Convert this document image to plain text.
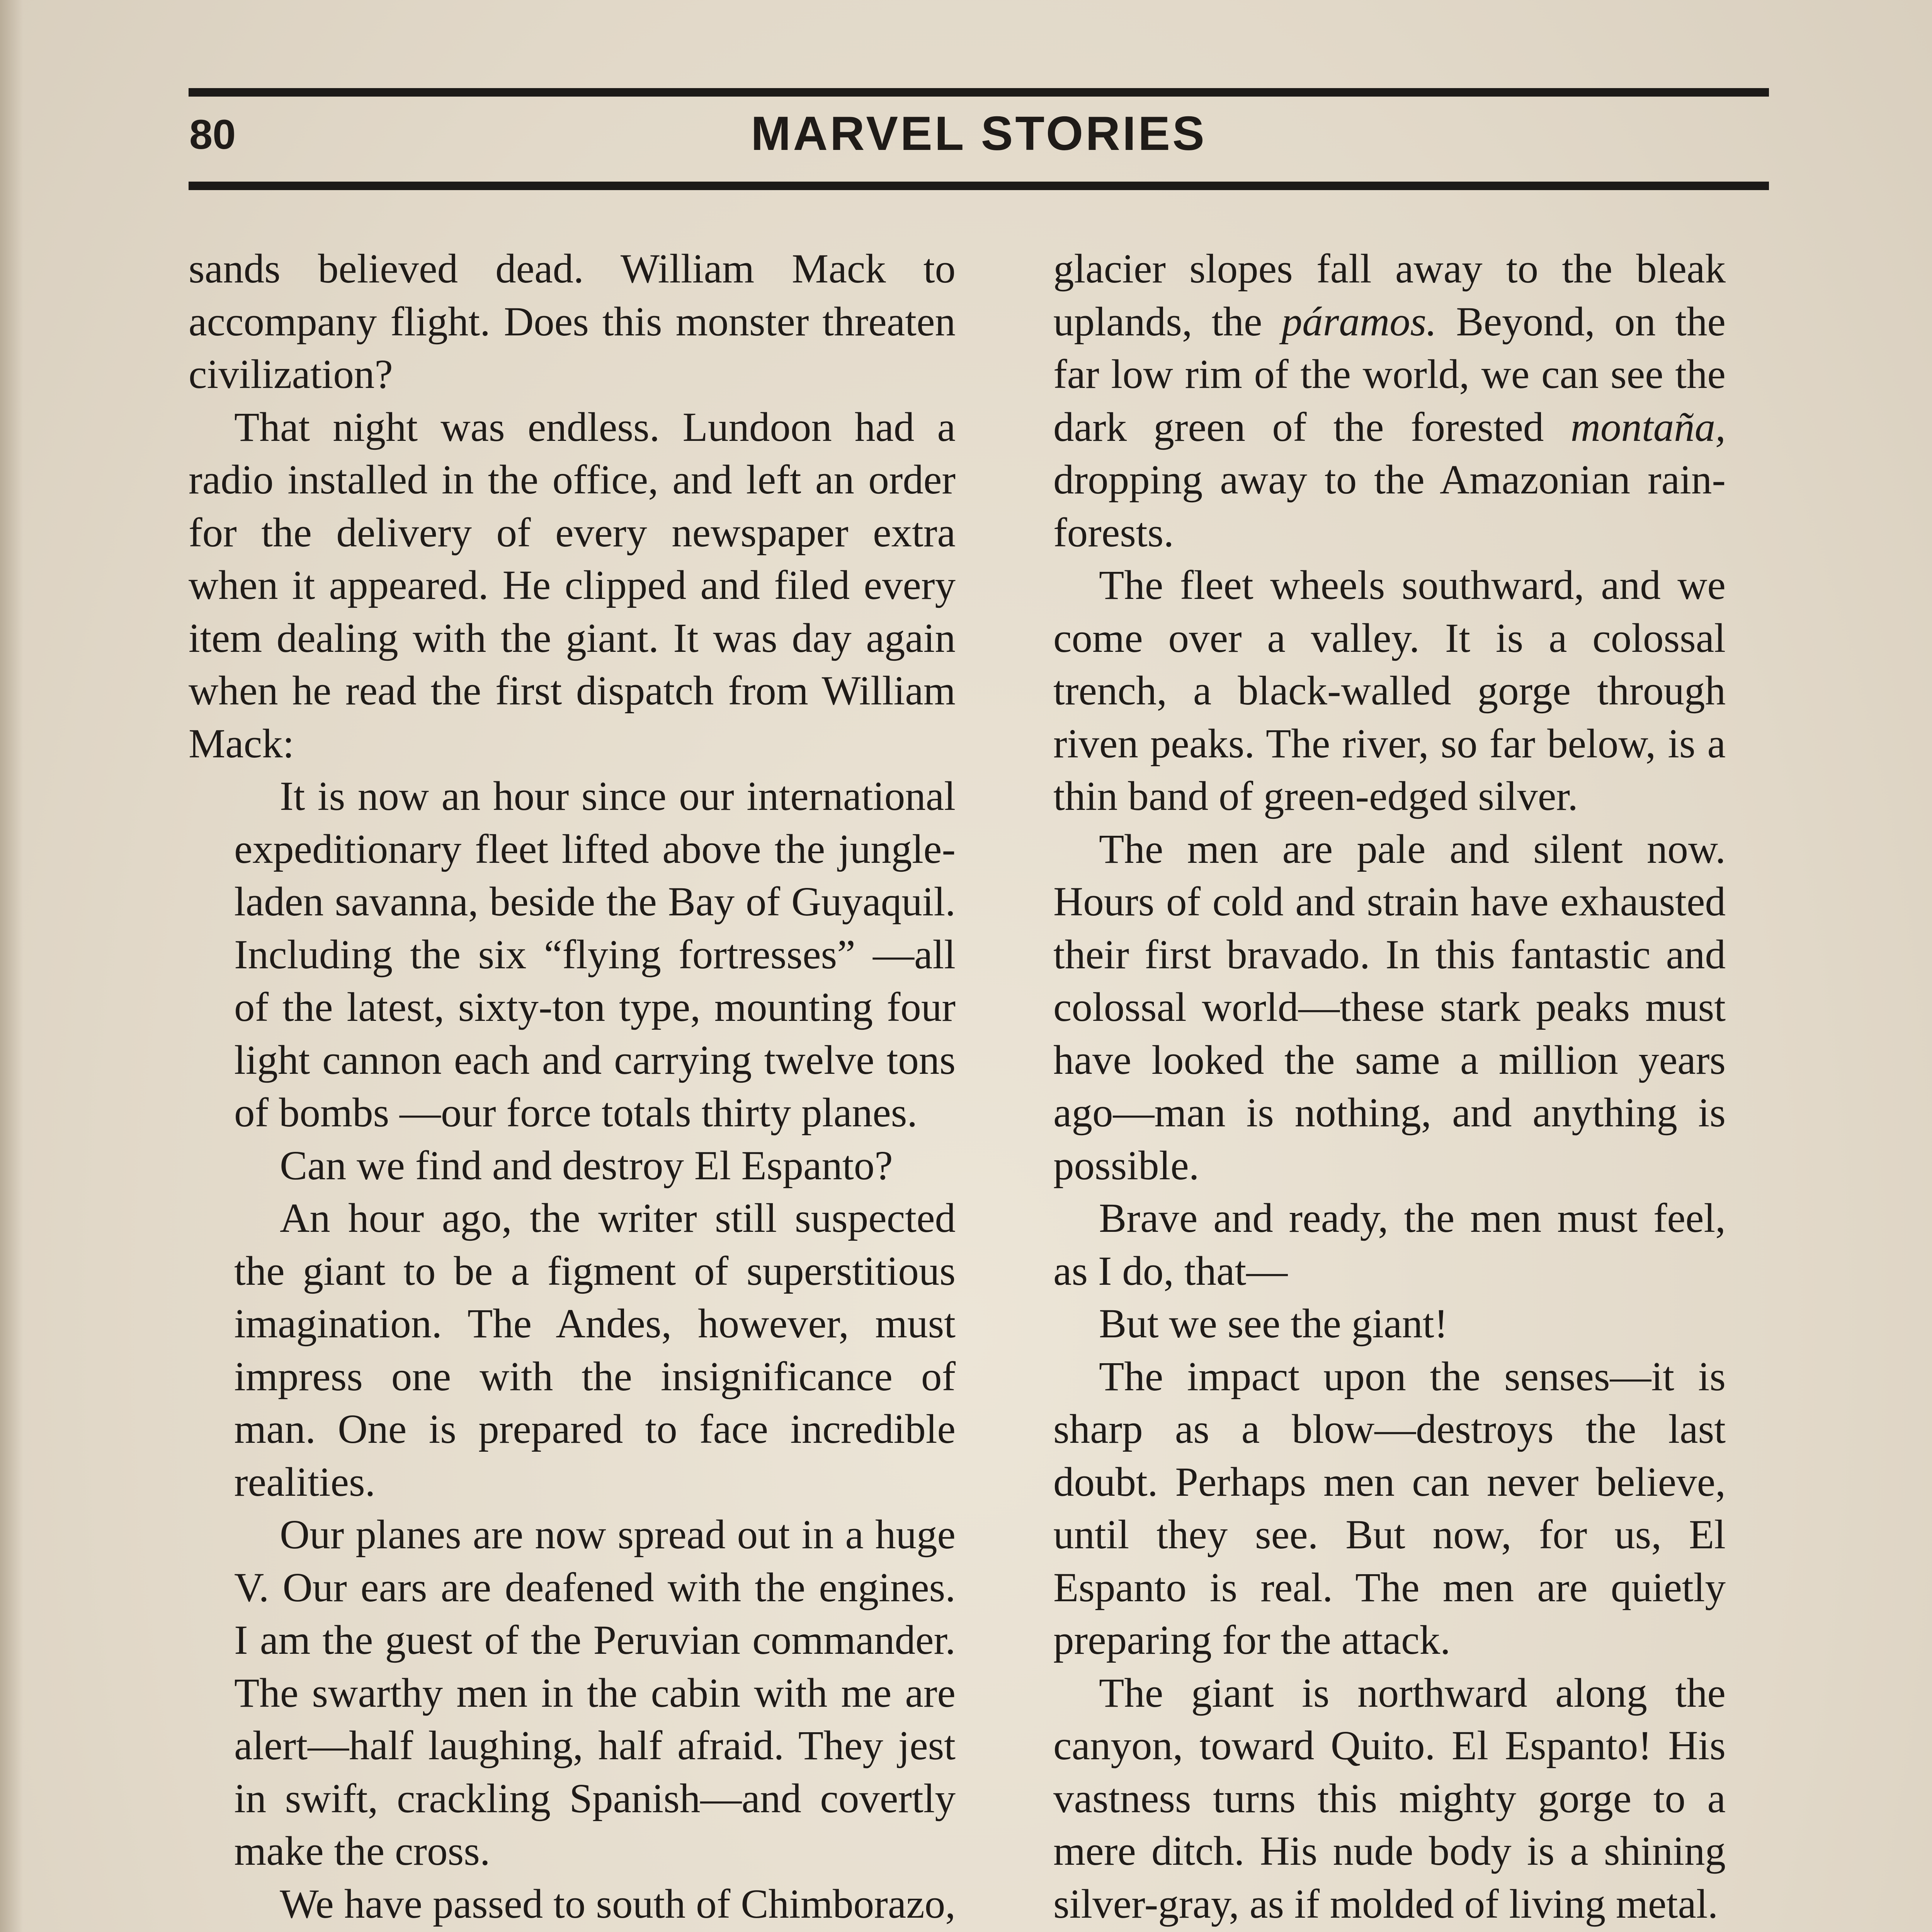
80	MARVEL STORIES

sands believed dead. William Mack to accompany flight. Does this monster threaten civilization?

That night was endless. Lundoon had a radio installed in the office, and left an order for the delivery of every newspaper extra when it appeared. He clipped and filed every item dealing with the giant. It was day again when he read the first dispatch from William Mack:

It is now an hour since our international expeditionary fleet lifted above the jungle-laden savanna, beside the Bay of Guyaquil. Including the six “flying fortresses” —all of the latest, sixty-ton type, mounting four light cannon each and carrying twelve tons of bombs —our force totals thirty planes.

Can we find and destroy El Espanto?

An hour ago, the writer still suspected the giant to be a figment of superstitious imagination. The Andes, however, must impress one with the insignificance of man. One is prepared to face incredible realities.

Our planes are now spread out in a huge V. Our ears are deafened with the engines. I am the guest of the Peruvian commander. The swarthy men in the cabin with me are alert—half laughing, half afraid. They jest in swift, crackling Spanish—and covertly make the cross.

We have passed to south of Chimborazo,

glacier slopes fall away to the bleak uplands, the páramos. Beyond, on the far low rim of the world, we can see the dark green of the forested montaña, dropping away to the Amazonian rain-forests.

The fleet wheels southward, and we come over a valley. It is a colossal trench, a black-walled gorge through riven peaks. The river, so far below, is a thin band of green-edged silver.

The men are pale and silent now. Hours of cold and strain have exhausted their first bravado. In this fantastic and colossal world—these stark peaks must have looked the same a million years ago—man is nothing, and anything is possible.

Brave and ready, the men must feel, as I do, that—

But we see the giant!

The impact upon the senses—it is sharp as a blow—destroys the last doubt. Perhaps men can never believe, until they see. But now, for us, El Espanto is real. The men are quietly preparing for the attack.

The giant is northward along the canyon, toward Quito. El Espanto! His vastness turns this mighty gorge to a mere ditch. His nude body is a shining silver-gray, as if molded of living metal.
